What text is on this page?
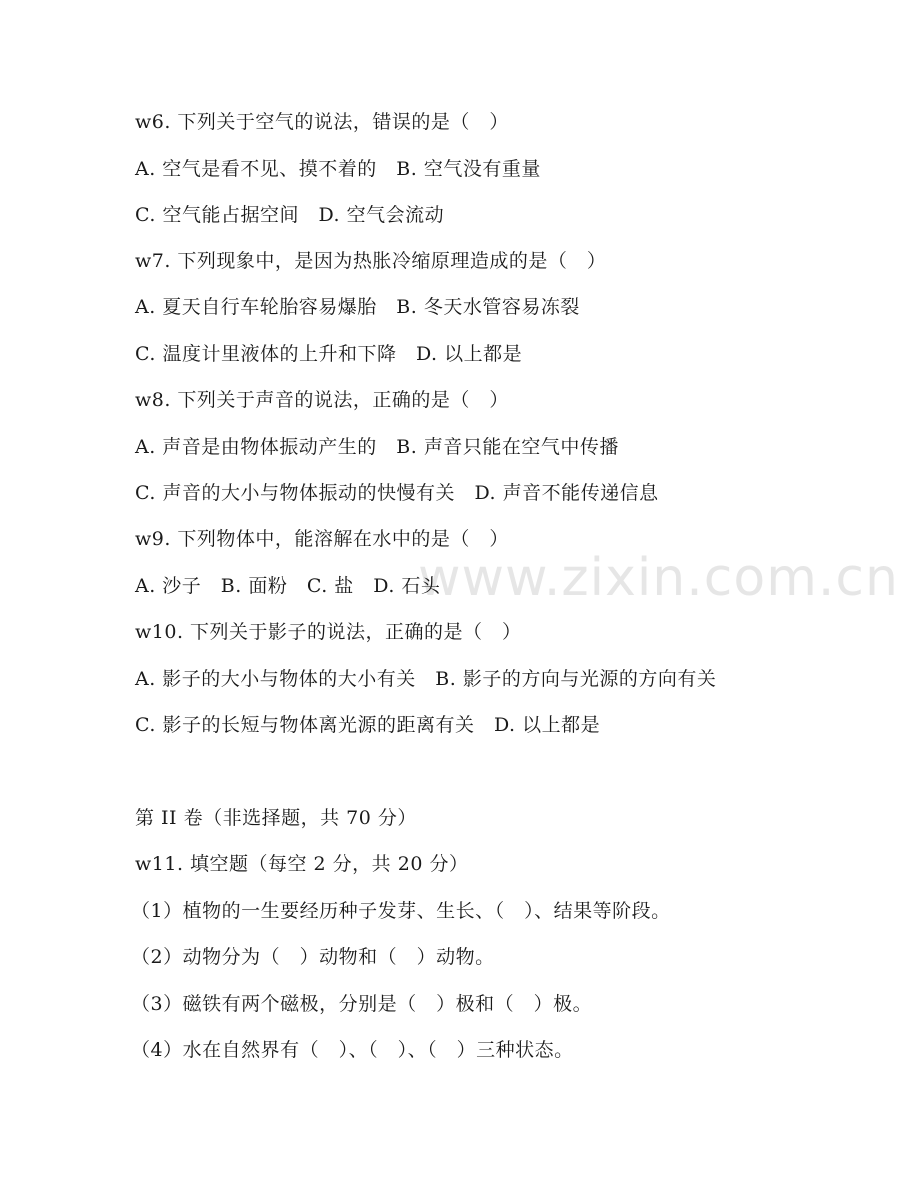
www.zixin.com.cn
w6. 下列关于空气的说法，错误的是（　）
A. 空气是看不见、摸不着的　B. 空气没有重量
C. 空气能占据空间　D. 空气会流动
w7. 下列现象中，是因为热胀冷缩原理造成的是（　）
A. 夏天自行车轮胎容易爆胎　B. 冬天水管容易冻裂
C. 温度计里液体的上升和下降　D. 以上都是
w8. 下列关于声音的说法，正确的是（　）
A. 声音是由物体振动产生的　B. 声音只能在空气中传播
C. 声音的大小与物体振动的快慢有关　D. 声音不能传递信息
w9. 下列物体中，能溶解在水中的是（　）
A. 沙子　B. 面粉　C. 盐　D. 石头
w10. 下列关于影子的说法，正确的是（　）
A. 影子的大小与物体的大小有关　B. 影子的方向与光源的方向有关
C. 影子的长短与物体离光源的距离有关　D. 以上都是
第 II 卷（非选择题，共 70 分）
w11. 填空题（每空 2 分，共 20 分）
（1）植物的一生要经历种子发芽、生长、（　）、结果等阶段。
（2）动物分为（　）动物和（　）动物。
（3）磁铁有两个磁极，分别是（　）极和（　）极。
（4）水在自然界有（　）、（　）、（　）三种状态。
